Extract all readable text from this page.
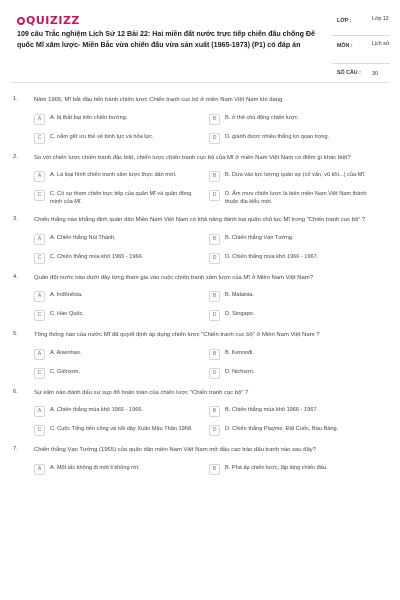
QUIZIZZ
109 câu Trắc nghiệm Lịch Sử 12 Bài 22: Hai miền đất nước trực tiếp chiến đấu chống Đế quốc Mĩ xâm lược- Miền Bắc vừa chiến đấu vừa sản xuất (1965-1973) (P1) có đáp án
LỚP :	Lớp 12
MÔN :	Lịch sử
SỐ CÂU : 30
1.	Năm 1965, Mĩ bắt đầu tiến hành chiến lược Chiến tranh cục bộ ở miền Nam Việt Nam khi đang
A	A. bị thất bại trên chiến trường.	B	B. ở thế chủ động chiến lược.
C	C. nắm giữ ưu thế về binh lực và hỏa lực.	D	D. giành được nhiều thắng lợi quan trọng.
2.	So với chiến lược chiến tranh đặc biệt, chiến lược chiến tranh cục bộ của Mĩ ở miền Nam Việt Nam có điểm gì khác biệt?
A	A. Là loại hình chiến tranh xâm lược thực dân mới.	B	B. Dựa vào lực lượng quân sự (cố vấn, vũ khí...) của Mĩ.
C	C. Có sự tham chiến trực tiếp của quân Mĩ và quân đồng minh của Mĩ.
D	D. Âm mưu chiến lược là biến miền Nam Việt Nam thành thuộc địa kiểu mới.
3.	Chiến thắng nào khẳng định quân dân Miền Nam Việt Nam có khả năng đánh bại quân chủ lực Mĩ trong "Chiến tranh cục bộ" ?
A	A. Chiến thắng Núi Thành.	B	B. Chiến thắng Vạn Tường.
C	C. Chiến thắng mùa khô 1965 - 1966.	D	D. Chiến thắng mùa khô 1966 - 1967.
4.	Quân đội nước nào dưới đây từng tham gia vào cuộc chiến tranh xâm lược của Mĩ ở Miền Nam Việt Nam?
A	A. Inđônêsia.	B	B. Malaixia.
C	C. Hàn Quốc.	D	D. Singapo.
5.	Tổng thống nào của nước Mĩ đã quyết định áp dụng chiến lược "Chiến tranh cục bộ" ở Miền Nam Việt Nam ?
A	A. Aixenhao.	B	B. Kennođi.
C	C. Giônxơn.	D	D. Nichxơn.
6.	Sự kiện nào đánh dấu sự sụp đổ hoàn toàn của chiến lược "Chiến tranh cục bộ" ?
A	A. Chiến thắng mùa khô 1965 - 1966.	B	B. Chiến thắng mùa khô 1966 - 1967.
C	C. Cuộc Tổng tiến công và nổi dậy Xuân Mậu Thân 1968.	D	D. Chiến thắng Playme, Đất Cuốc, Bàu Bàng.
7.	Chiến thắng Vạn Tường (1965) của quân dân miền Nam Việt Nam mở đầu cao trào đấu tranh nào sau đây?
A	A. Một tấc không đi một li không rời.	B	B. Phá ấp chiến lược, lập làng chiến đấu.
